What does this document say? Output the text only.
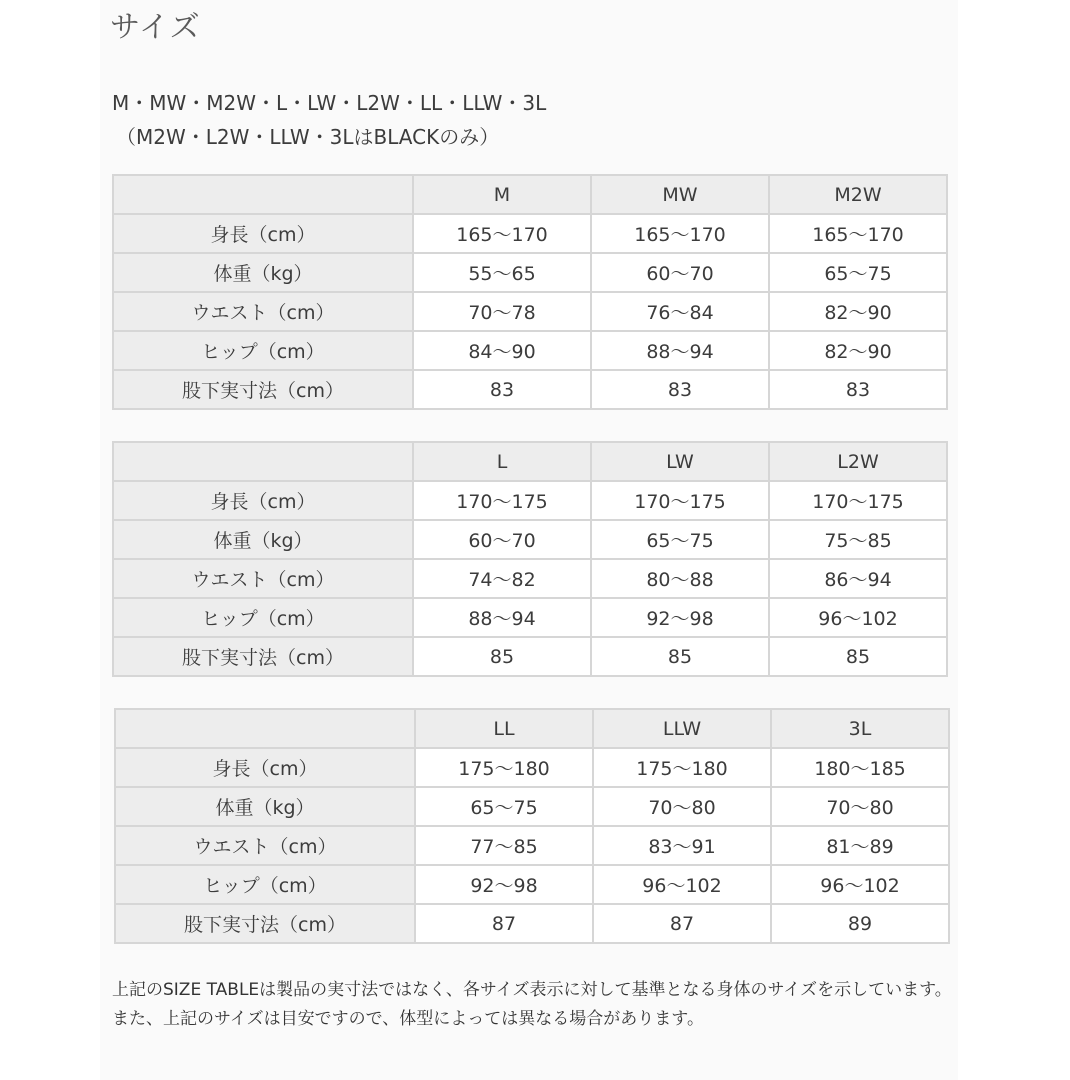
サイズ
M・MW・M2W・L・LW・L2W・LL・LLW・3L
（M2W・L2W・LLW・3LはBLACKのみ）
	M	MW	M2W
身長（cm）	165〜170	165〜170	165〜170
体重（kg）	55〜65	60〜70	65〜75
ウエスト（cm）	70〜78	76〜84	82〜90
ヒップ（cm）	84〜90	88〜94	82〜90
股下実寸法（cm）	83	83	83
	L	LW	L2W
身長（cm）	170〜175	170〜175	170〜175
体重（kg）	60〜70	65〜75	75〜85
ウエスト（cm）	74〜82	80〜88	86〜94
ヒップ（cm）	88〜94	92〜98	96〜102
股下実寸法（cm）	85	85	85
	LL	LLW	3L
身長（cm）	175〜180	175〜180	180〜185
体重（kg）	65〜75	70〜80	70〜80
ウエスト（cm）	77〜85	83〜91	81〜89
ヒップ（cm）	92〜98	96〜102	96〜102
股下実寸法（cm）	87	87	89

上記のSIZE TABLEは製品の実寸法ではなく、各サイズ表示に対して基準となる身体のサイズを示しています。

また、上記のサイズは目安ですので、体型によっては異なる場合があります。
